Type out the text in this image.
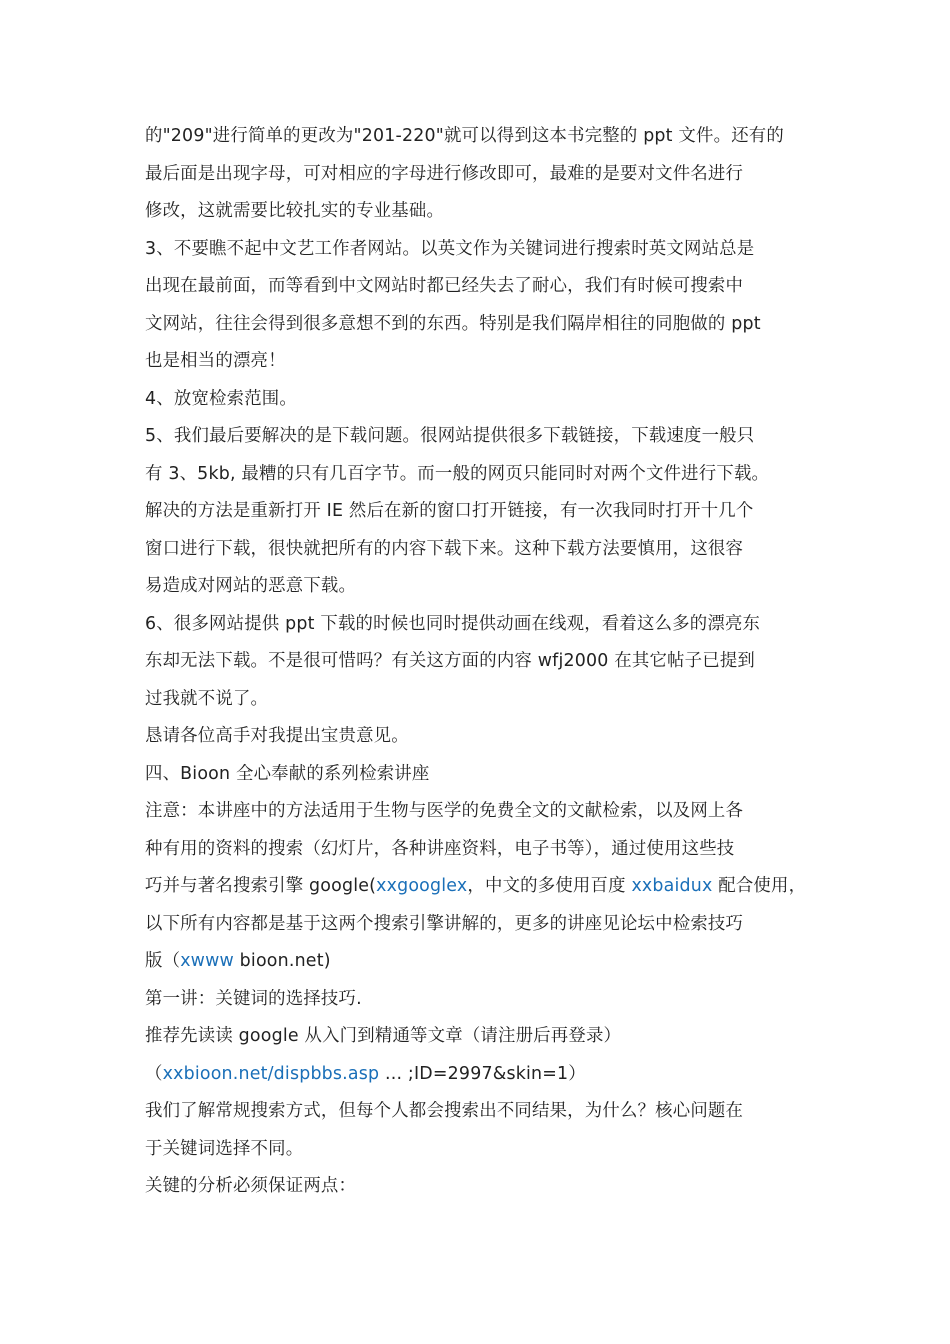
的"209"进行简单的更改为"201-220"就可以得到这本书完整的 ppt 文件。还有的
最后面是出现字母，可对相应的字母进行修改即可，最难的是要对文件名进行
修改，这就需要比较扎实的专业基础。
3、不要瞧不起中文艺工作者网站。以英文作为关键词进行搜索时英文网站总是
出现在最前面，而等看到中文网站时都已经失去了耐心，我们有时候可搜索中
文网站，往往会得到很多意想不到的东西。特别是我们隔岸相往的同胞做的 ppt
也是相当的漂亮！
4、放宽检索范围。
5、我们最后要解决的是下载问题。很网站提供很多下载链接，下载速度一般只
有 3、5kb, 最糟的只有几百字节。而一般的网页只能同时对两个文件进行下载。
解决的方法是重新打开 IE 然后在新的窗口打开链接，有一次我同时打开十几个
窗口进行下载，很快就把所有的内容下载下来。这种下载方法要慎用，这很容
易造成对网站的恶意下载。
6、很多网站提供 ppt 下载的时候也同时提供动画在线观，看着这么多的漂亮东
东却无法下载。不是很可惜吗？有关这方面的内容 wfj2000 在其它帖子已提到
过我就不说了。
恳请各位高手对我提出宝贵意见。
四、Bioon 全心奉献的系列检索讲座
注意：本讲座中的方法适用于生物与医学的免费全文的文献检索，以及网上各
种有用的资料的搜索（幻灯片，各种讲座资料，电子书等），通过使用这些技
巧并与著名搜索引擎 google(xxgooglex，中文的多使用百度 xxbaidux 配合使用，
以下所有内容都是基于这两个搜索引擎讲解的，更多的讲座见论坛中检索技巧
版（xwww bioon.net)
第一讲：关键词的选择技巧.
推荐先读读 google 从入门到精通等文章（请注册后再登录）
（xxbioon.net/dispbbs.asp ... ;ID=2997&skin=1）
我们了解常规搜索方式，但每个人都会搜索出不同结果，为什么？核心问题在
于关键词选择不同。
关键的分析必须保证两点：
